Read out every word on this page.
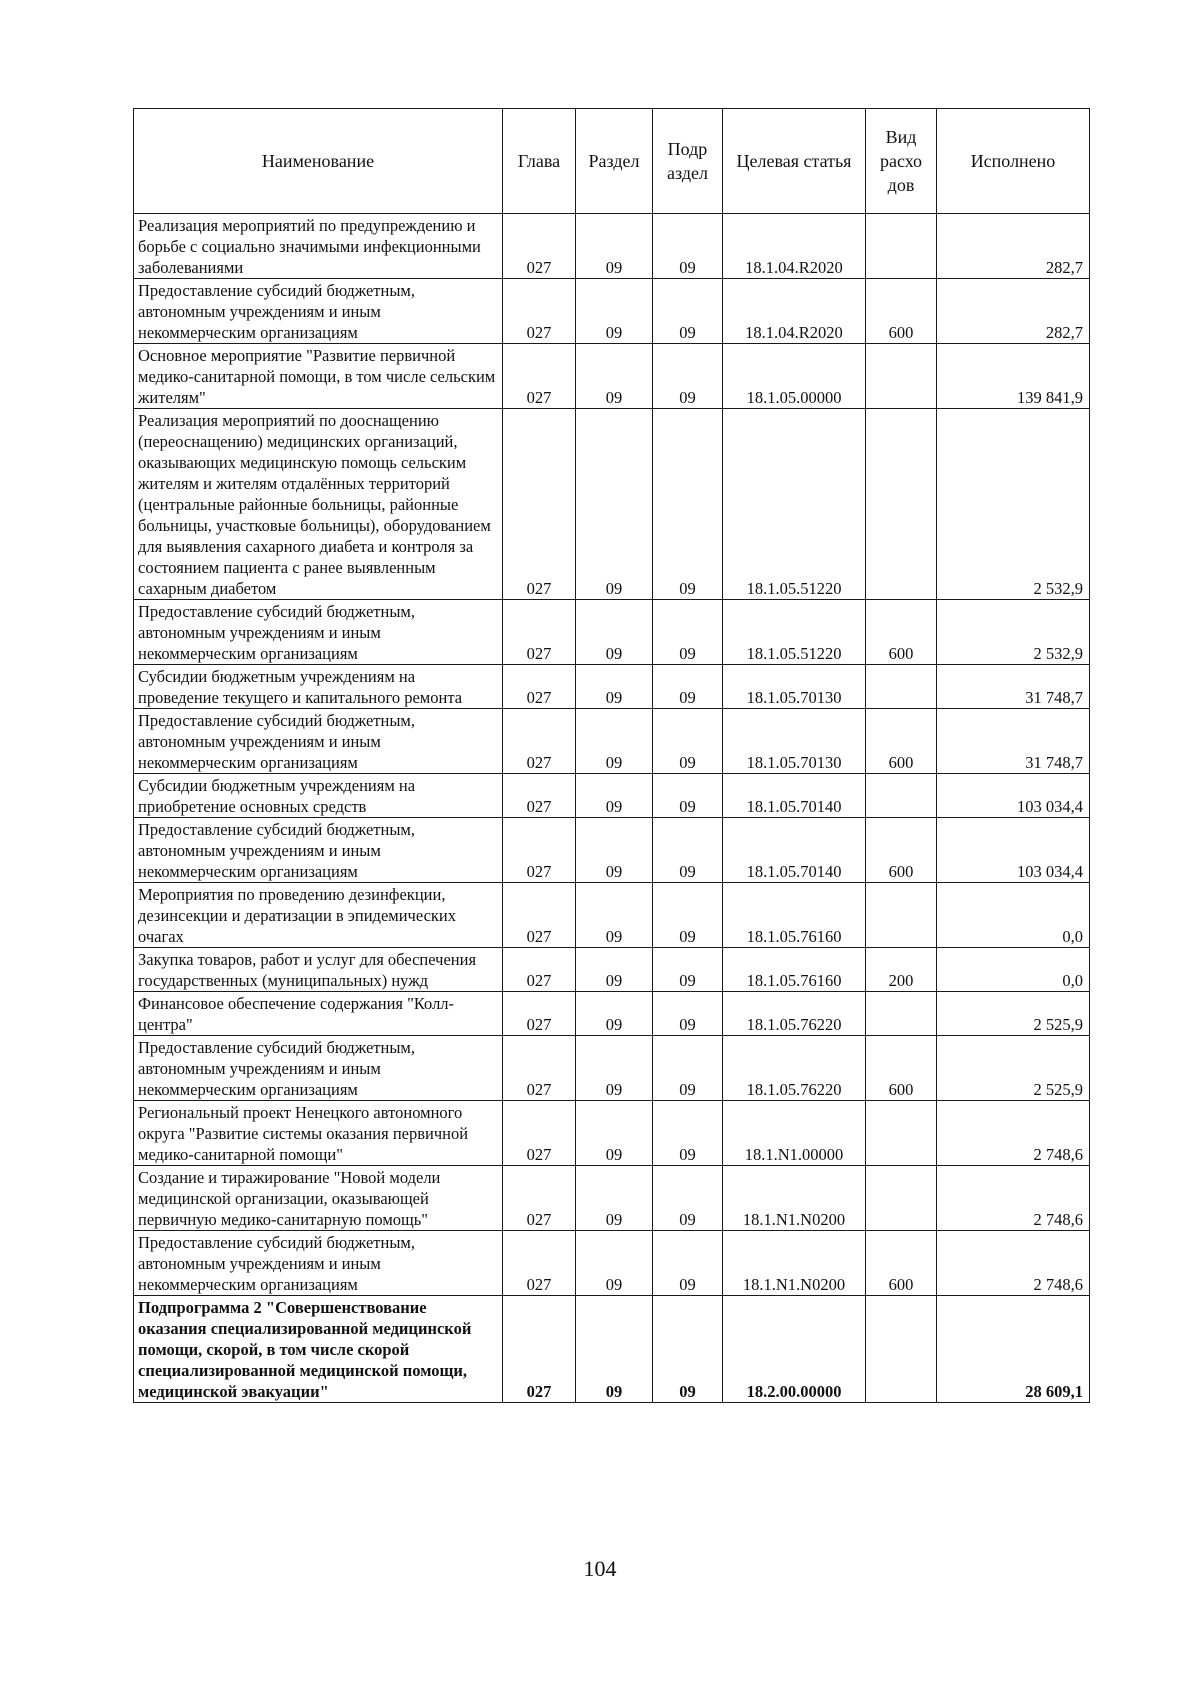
Наименование	Глава	Раздел	Подр аздел	Целевая статья	Вид расхо дов	Исполнено
Реализация мероприятий по предупреждению и борьбе с социально значимыми инфекционными заболеваниями	027	09	09	18.1.04.R2020		282,7
Предоставление субсидий бюджетным, автономным учреждениям и иным некоммерческим организациям	027	09	09	18.1.04.R2020	600	282,7
Основное мероприятие "Развитие первичной медико-санитарной помощи, в том числе сельским жителям"	027	09	09	18.1.05.00000		139 841,9
Реализация мероприятий по дооснащению (переоснащению) медицинских организаций, оказывающих медицинскую помощь сельским жителям и жителям отдалённых территорий (центральные районные больницы, районные больницы, участковые больницы), оборудованием для выявления сахарного диабета и контроля за состоянием пациента с ранее выявленным сахарным диабетом	027	09	09	18.1.05.51220		2 532,9
Предоставление субсидий бюджетным, автономным учреждениям и иным некоммерческим организациям	027	09	09	18.1.05.51220	600	2 532,9
Субсидии бюджетным учреждениям на проведение текущего и капитального ремонта	027	09	09	18.1.05.70130		31 748,7
Предоставление субсидий бюджетным, автономным учреждениям и иным некоммерческим организациям	027	09	09	18.1.05.70130	600	31 748,7
Субсидии бюджетным учреждениям на приобретение основных средств	027	09	09	18.1.05.70140		103 034,4
Предоставление субсидий бюджетным, автономным учреждениям и иным некоммерческим организациям	027	09	09	18.1.05.70140	600	103 034,4
Мероприятия по проведению дезинфекции, дезинсекции и дератизации в эпидемических очагах	027	09	09	18.1.05.76160		0,0
Закупка товаров, работ и услуг для обеспечения государственных (муниципальных) нужд	027	09	09	18.1.05.76160	200	0,0
Финансовое обеспечение содержания "Колл-центра"	027	09	09	18.1.05.76220		2 525,9
Предоставление субсидий бюджетным, автономным учреждениям и иным некоммерческим организациям	027	09	09	18.1.05.76220	600	2 525,9
Региональный проект Ненецкого автономного округа "Развитие системы оказания первичной медико-санитарной помощи"	027	09	09	18.1.N1.00000		2 748,6
Создание и тиражирование "Новой модели медицинской организации, оказывающей первичную медико-санитарную помощь"	027	09	09	18.1.N1.N0200		2 748,6
Предоставление субсидий бюджетным, автономным учреждениям и иным некоммерческим организациям	027	09	09	18.1.N1.N0200	600	2 748,6
Подпрограмма 2 "Совершенствование оказания специализированной медицинской помощи, скорой, в том числе скорой специализированной медицинской помощи, медицинской эвакуации"	027	09	09	18.2.00.00000		28 609,1
104
